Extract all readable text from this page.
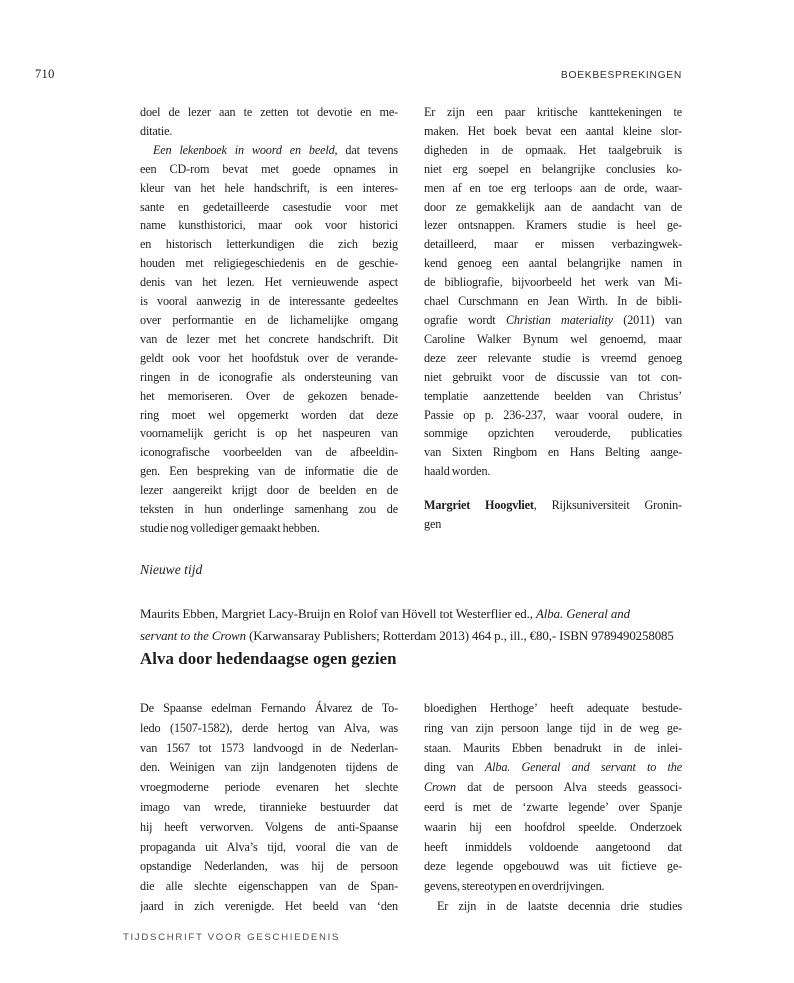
710	BOEKBESPREKINGEN
doel de lezer aan te zetten tot devotie en me-
ditatie.
Een lekenboek in woord en beeld, dat tevens
een CD-rom bevat met goede opnames in
kleur van het hele handschrift, is een interes-
sante en gedetailleerde casestudie voor met
name kunsthistorici, maar ook voor historici
en historisch letterkundigen die zich bezig
houden met religiegeschiedenis en de geschie-
denis van het lezen. Het vernieuwende aspect
is vooral aanwezig in de interessante gedeeltes
over performantie en de lichamelijke omgang
van de lezer met het concrete handschrift. Dit
geldt ook voor het hoofdstuk over de verande-
ringen in de iconografie als ondersteuning van
het memoriseren. Over de gekozen benade-
ring moet wel opgemerkt worden dat deze
voornamelijk gericht is op het naspeuren van
iconografische voorbeelden van de afbeeldin-
gen. Een bespreking van de informatie die de
lezer aangereikt krijgt door de beelden en de
teksten in hun onderlinge samenhang zou de
studie nog vollediger gemaakt hebben.
Er zijn een paar kritische kanttekeningen te
maken. Het boek bevat een aantal kleine slor-
digheden in de opmaak. Het taalgebruik is
niet erg soepel en belangrijke conclusies ko-
men af en toe erg terloops aan de orde, waar-
door ze gemakkelijk aan de aandacht van de
lezer ontsnappen. Kramers studie is heel ge-
detailleerd, maar er missen verbazingwek-
kend genoeg een aantal belangrijke namen in
de bibliografie, bijvoorbeeld het werk van Mi-
chael Curschmann en Jean Wirth. In de bibli-
ografie wordt Christian materiality (2011) van
Caroline Walker Bynum wel genoemd, maar
deze zeer relevante studie is vreemd genoeg
niet gebruikt voor de discussie van tot con-
templatie aanzettende beelden van Christus’
Passie op p. 236-237, waar vooral oudere, in
sommige opzichten verouderde, publicaties
van Sixten Ringbom en Hans Belting aange-
haald worden.
Margriet Hoogvliet, Rijksuniversiteit Gronin-
gen
Nieuwe tijd
Maurits Ebben, Margriet Lacy-Bruijn en Rolof van Hövell tot Westerflier ed., Alba. General and
servant to the Crown (Karwansaray Publishers; Rotterdam 2013) 464 p., ill., €80,- ISBN 9789490258085
Alva door hedendaagse ogen gezien
De Spaanse edelman Fernando Álvarez de To-
ledo (1507-1582), derde hertog van Alva, was
van 1567 tot 1573 landvoogd in de Nederlan-
den. Weinigen van zijn landgenoten tijdens de
vroegmoderne periode evenaren het slechte
imago van wrede, tirannieke bestuurder dat
hij heeft verworven. Volgens de anti-Spaanse
propaganda uit Alva’s tijd, vooral die van de
opstandige Nederlanden, was hij de persoon
die alle slechte eigenschappen van de Span-
jaard in zich verenigde. Het beeld van ‘den
bloedighen Herthoge’ heeft adequate bestude-
ring van zijn persoon lange tijd in de weg ge-
staan. Maurits Ebben benadrukt in de inlei-
ding van Alba. General and servant to the
Crown dat de persoon Alva steeds geassoci-
eerd is met de ‘zwarte legende’ over Spanje
waarin hij een hoofdrol speelde. Onderzoek
heeft inmiddels voldoende aangetoond dat
deze legende opgebouwd was uit fictieve ge-
gevens, stereotypen en overdrijvingen.
Er zijn in de laatste decennia drie studies
TIJDSCHRIFT VOOR GESCHIEDENIS
